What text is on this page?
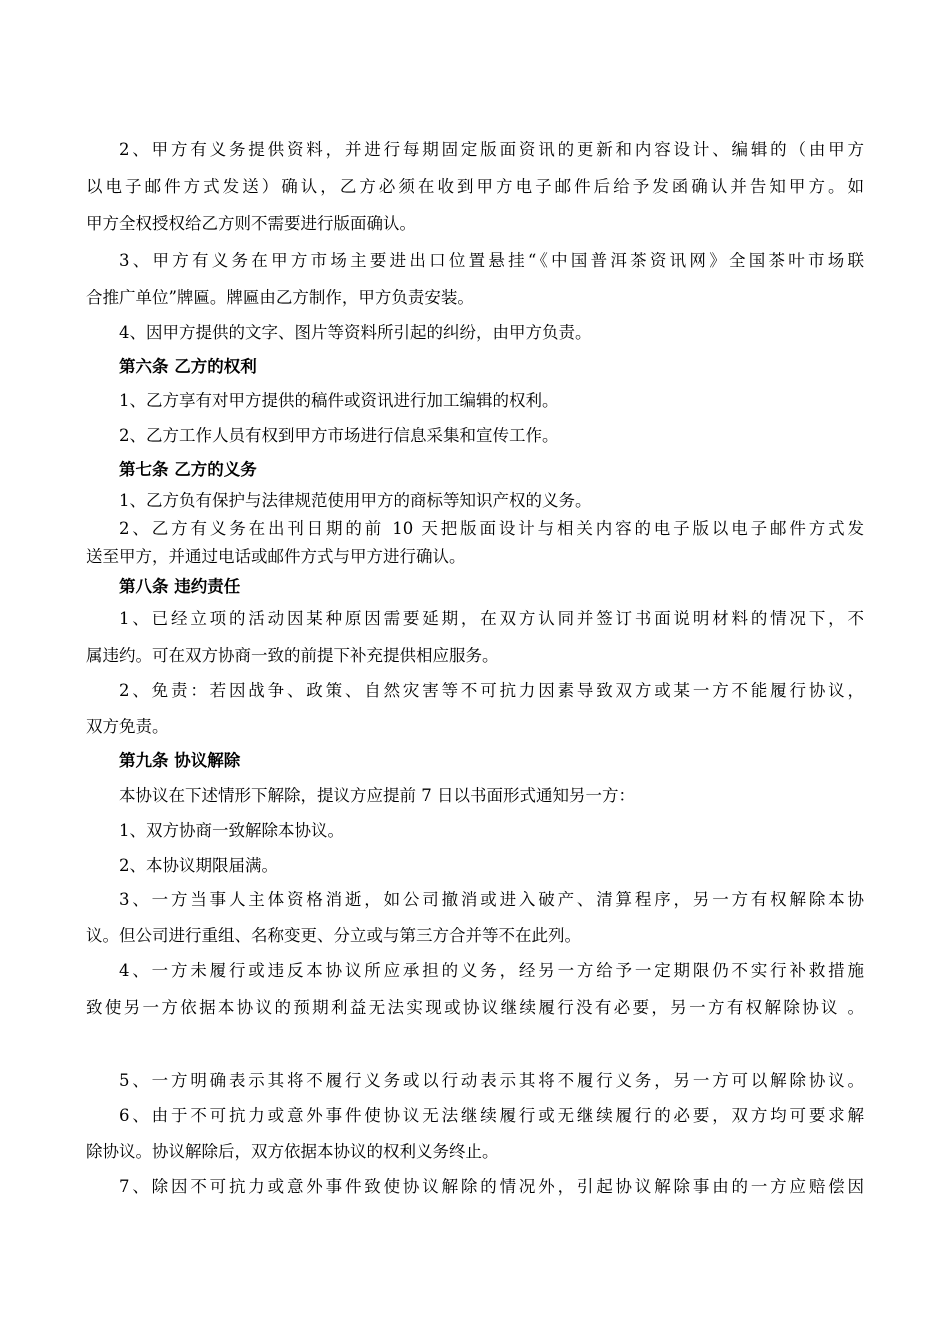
2、甲方有义务提供资料，并进行每期固定版面资讯的更新和内容设计、编辑的（由甲方
以电子邮件方式发送）确认，乙方必须在收到甲方电子邮件后给予发函确认并告知甲方。如
甲方全权授权给乙方则不需要进行版面确认。
3、甲方有义务在甲方市场主要进出口位置悬挂“《中国普洱茶资讯网》全国茶叶市场联
合推广单位”牌匾。牌匾由乙方制作，甲方负责安装。
4、因甲方提供的文字、图片等资料所引起的纠纷，由甲方负责。
第六条 乙方的权利
1、乙方享有对甲方提供的稿件或资讯进行加工编辑的权利。
2、乙方工作人员有权到甲方市场进行信息采集和宣传工作。
第七条 乙方的义务
1、乙方负有保护与法律规范使用甲方的商标等知识产权的义务。
2、乙方有义务在出刊日期的前 10 天把版面设计与相关内容的电子版以电子邮件方式发
送至甲方，并通过电话或邮件方式与甲方进行确认。
第八条 违约责任
1、已经立项的活动因某种原因需要延期，在双方认同并签订书面说明材料的情况下，不
属违约。可在双方协商一致的前提下补充提供相应服务。
2、免责：若因战争、政策、自然灾害等不可抗力因素导致双方或某一方不能履行协议，
双方免责。
第九条 协议解除
本协议在下述情形下解除，提议方应提前 7 日以书面形式通知另一方：
1、双方协商一致解除本协议。
2、本协议期限届满。
3、一方当事人主体资格消逝，如公司撤消或进入破产、清算程序，另一方有权解除本协
议。但公司进行重组、名称变更、分立或与第三方合并等不在此列。
4、一方未履行或违反本协议所应承担的义务，经另一方给予一定期限仍不实行补救措施
致使另一方依据本协议的预期利益无法实现或协议继续履行没有必要，另一方有权解除协议 。
5、一方明确表示其将不履行义务或以行动表示其将不履行义务，另一方可以解除协议。
6、由于不可抗力或意外事件使协议无法继续履行或无继续履行的必要，双方均可要求解
除协议。协议解除后，双方依据本协议的权利义务终止。
7、除因不可抗力或意外事件致使协议解除的情况外，引起协议解除事由的一方应赔偿因
